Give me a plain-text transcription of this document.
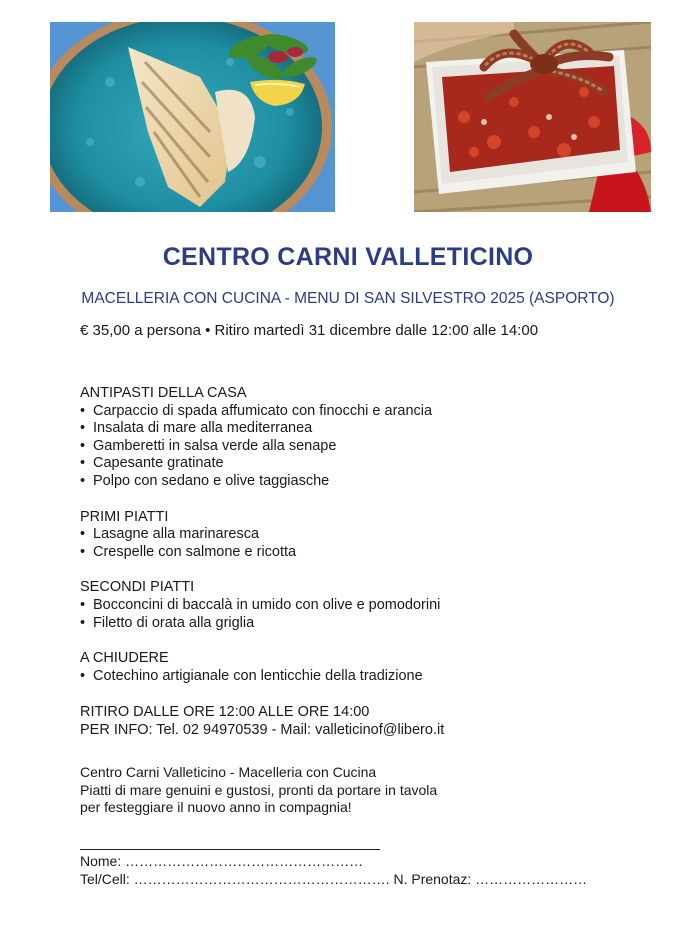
CENTRO CARNI VALLETICINO
MACELLERIA CON CUCINA - MENU DI SAN SILVESTRO 2025 (ASPORTO)
€ 35,00 a persona • Ritiro martedì 31 dicembre dalle 12:00 alle 14:00
ANTIPASTI DELLA CASA
• Carpaccio di spada affumicato con finocchi e arancia
• Insalata di mare alla mediterranea
• Gamberetti in salsa verde alla senape
• Capesante gratinate
• Polpo con sedano e olive taggiasche
PRIMI PIATTI
• Lasagne alla marinaresca
• Crespelle con salmone e ricotta
SECONDI PIATTI
• Bocconcini di baccalà in umido con olive e pomodorini
• Filetto di orata alla griglia
A CHIUDERE
• Cotechino artigianale con lenticchie della tradizione
RITIRO DALLE ORE 12:00 ALLE ORE 14:00
PER INFO: Tel. 02 94970539 - Mail: valleticinof@libero.it
Centro Carni Valleticino - Macelleria con Cucina
Piatti di mare genuini e gustosi, pronti da portare in tavola
per festeggiare il nuovo anno in compagnia!
Nome: ……………………………………………
Tel/Cell: ………………………………………………. N. Prenotaz: ……………………
